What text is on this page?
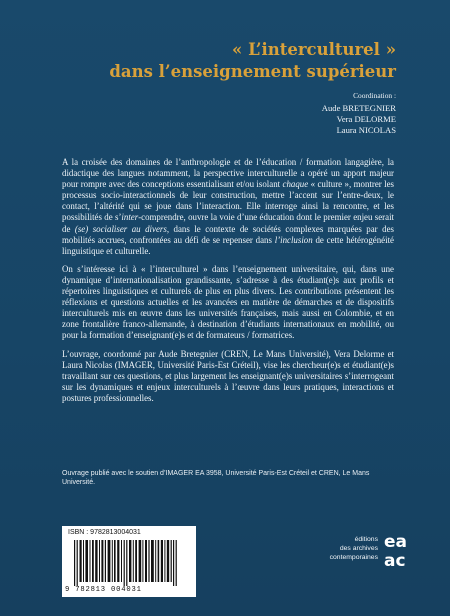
« L’interculturel »
dans l’enseignement supérieur
Coordination :
Aude BRETEGNIER
Vera DELORME
Laura NICOLAS

A la croisée des domaines de l’anthropologie et de l’éducation / formation langagière, la didactique des langues notamment, la perspective interculturelle a opéré un apport majeur pour rompre avec des conceptions essentialisant et/ou isolant chaque « culture », montrer les processus socio-interactionnels de leur construction, mettre l’accent sur l’entre-deux, le contact, l’altérité qui se joue dans l’interaction. Elle interroge ainsi la rencontre, et les possibilités de s’inter-comprendre, ouvre la voie d’une éducation dont le premier enjeu serait de (se) socialiser au divers, dans le contexte de sociétés complexes marquées par des mobilités accrues, confrontées au défi de se repenser dans l’inclusion de cette hétérogénéité linguistique et culturelle.

On s’intéresse ici à « l’interculturel » dans l’enseignement universitaire, qui, dans une dynamique d’internationalisation grandissante, s’adresse à des étudiant(e)s aux profils et répertoires linguistiques et culturels de plus en plus divers. Les contributions présentent les réflexions et questions actuelles et les avancées en matière de démarches et de dispositifs interculturels mis en œuvre dans les universités françaises, mais aussi en Colombie, et en zone frontalière franco-allemande, à destination d’étudiants internationaux en mobilité, ou pour la formation d’enseignant(e)s et de formateurs / formatrices.

L’ouvrage, coordonné par Aude Bretegnier (CREN, Le Mans Université), Vera Delorme et Laura Nicolas (IMAGER, Université Paris-Est Créteil), vise les chercheur(e)s et étudiant(e)s travaillant sur ces questions, et plus largement les enseignant(e)s universitaires s’interrogeant sur les dynamiques et enjeux interculturels à l’œuvre dans leurs pratiques, interactions et postures professionnelles.

Ouvrage publié avec le soutien d’IMAGER EA 3958, Université Paris-Est Créteil et CREN, Le Mans Université.
ISBN : 9782813004031
9 782813 004031
éditions
des archives
contemporaines
ea
ac
